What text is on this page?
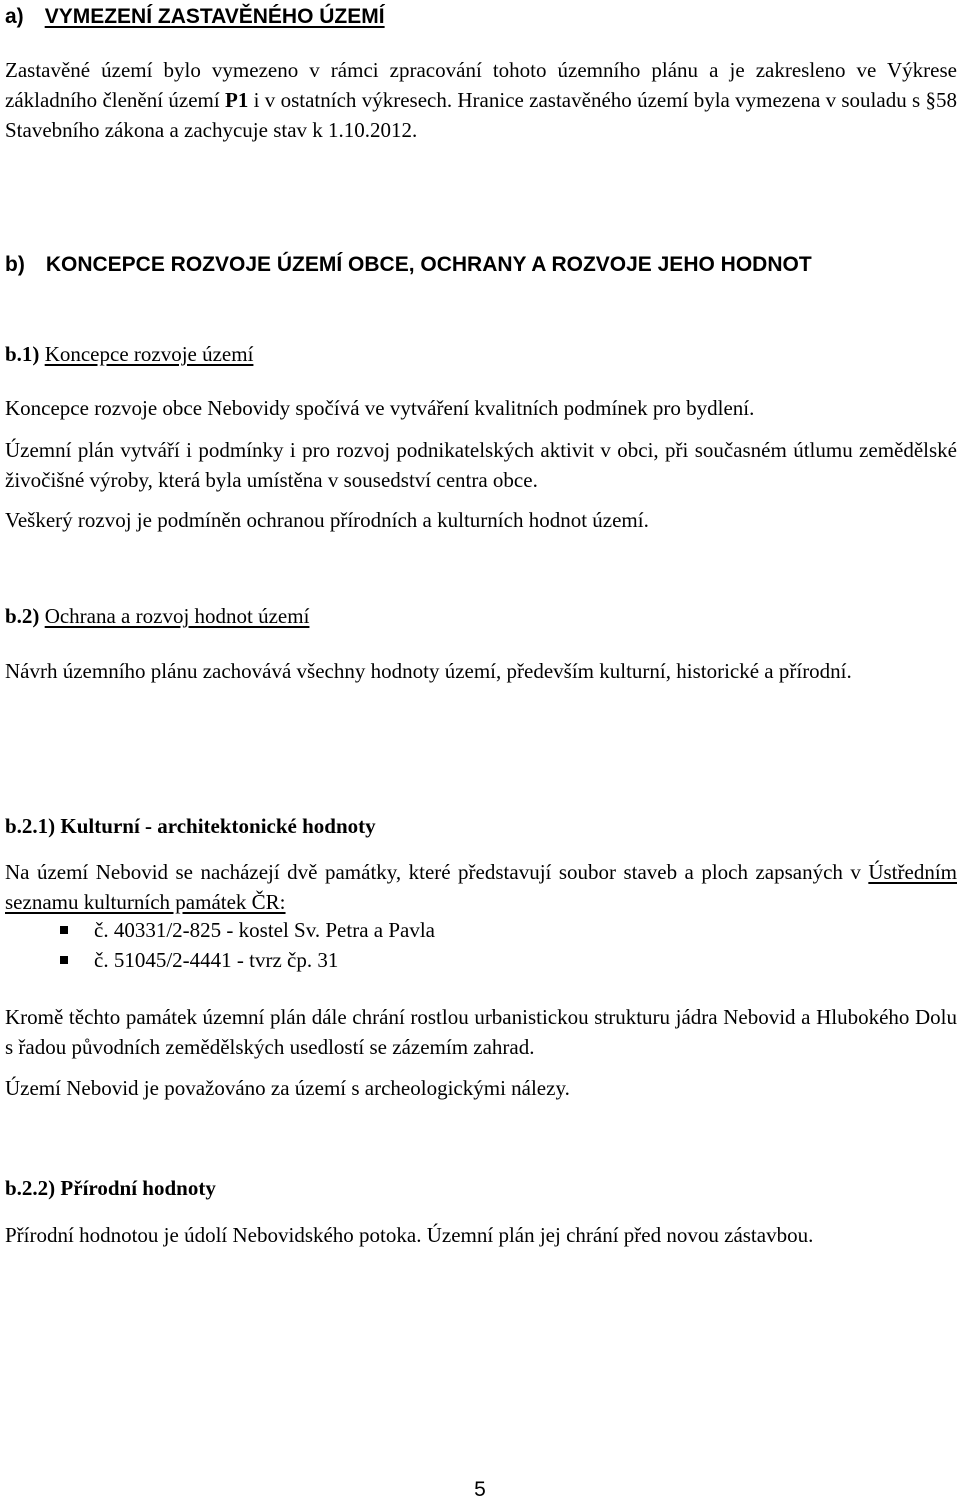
a) VYMEZENÍ ZASTAVĚNÉHO ÚZEMÍ

Zastavěné území bylo vymezeno v rámci zpracování tohoto územního plánu a je zakresleno ve Výkrese základního členění území P1 i v ostatních výkresech. Hranice zastavěného území byla vymezena v souladu s §58 Stavebního zákona a zachycuje stav k 1.10.2012.

b) KONCEPCE ROZVOJE ÚZEMÍ OBCE, OCHRANY A ROZVOJE JEHO HODNOT
b.1) Koncepce rozvoje území

Koncepce rozvoje obce Nebovidy spočívá ve vytváření kvalitních podmínek pro bydlení.

Územní plán vytváří i podmínky i pro rozvoj podnikatelských aktivit v obci, při současném útlumu zemědělské živočišné výroby, která byla umístěna v sousedství centra obce.

Veškerý rozvoj je podmíněn ochranou přírodních a kulturních hodnot území.

b.2) Ochrana a rozvoj hodnot území

Návrh územního plánu zachovává všechny hodnoty území, především kulturní, historické a přírodní.

b.2.1) Kulturní - architektonické hodnoty

Na území Nebovid se nacházejí dvě památky, které představují soubor staveb a ploch zapsaných v Ústředním seznamu kulturních památek ČR:

č. 40331/2-825 - kostel Sv. Petra a Pavla
č. 51045/2-4441 - tvrz čp. 31

Kromě těchto památek územní plán dále chrání rostlou urbanistickou strukturu jádra Nebovid a Hlubokého Dolu s řadou původních zemědělských usedlostí se zázemím zahrad.

Území Nebovid je považováno za území s archeologickými nálezy.

b.2.2) Přírodní hodnoty

Přírodní hodnotou je údolí Nebovidského potoka. Územní plán jej chrání před novou zástavbou.

5
